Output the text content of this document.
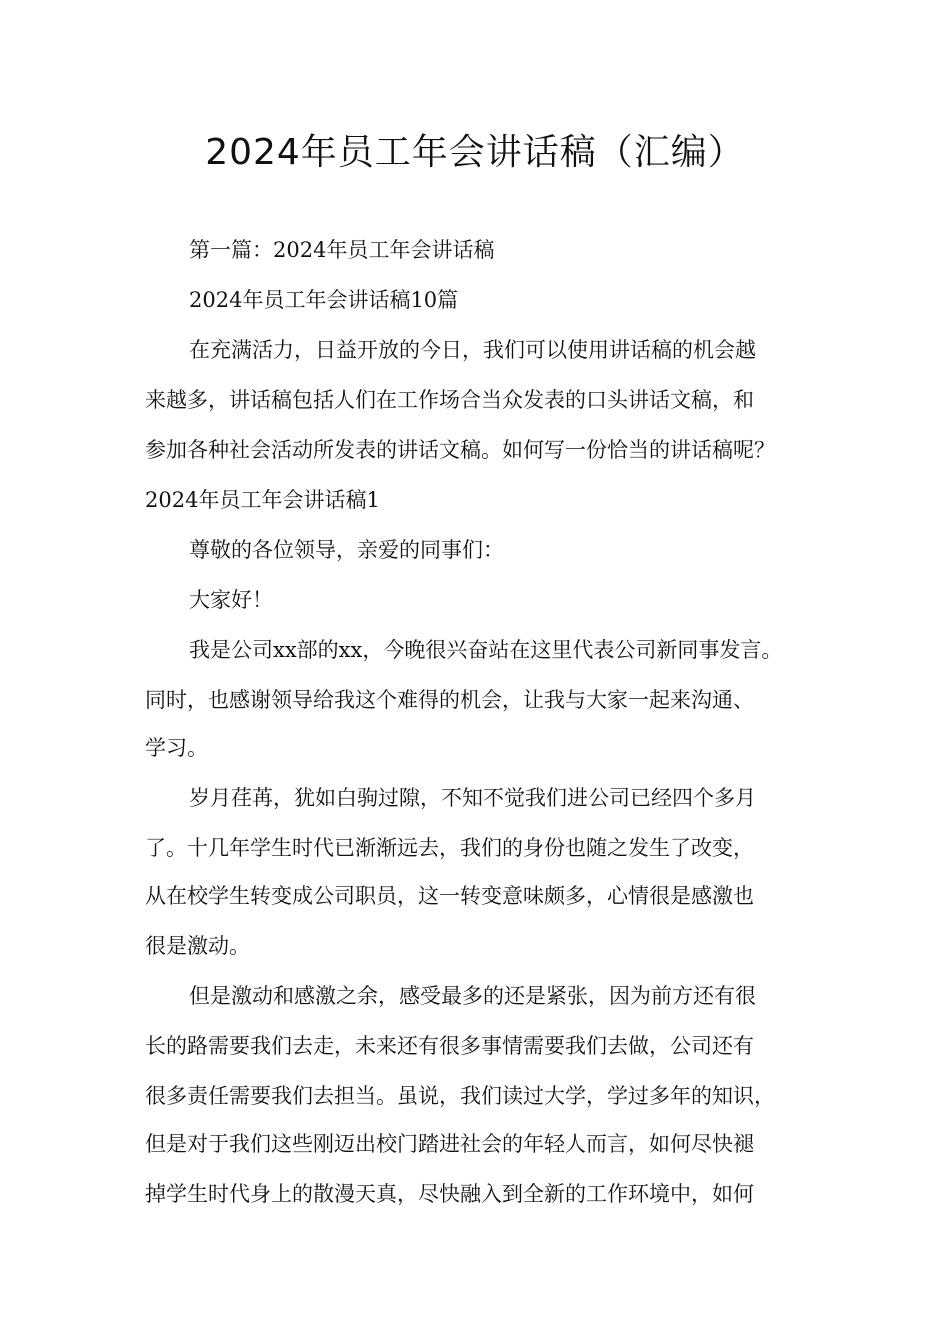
2024年员工年会讲话稿（汇编）

第一篇：2024年员工年会讲话稿

2024年员工年会讲话稿10篇

在充满活力，日益开放的今日，我们可以使用讲话稿的机会越

来越多，讲话稿包括人们在工作场合当众发表的口头讲话文稿，和

参加各种社会活动所发表的讲话文稿。如何写一份恰当的讲话稿呢？

2024年员工年会讲话稿1

尊敬的各位领导，亲爱的同事们：

大家好！

我是公司xx部的xx，今晚很兴奋站在这里代表公司新同事发言。

同时，也感谢领导给我这个难得的机会，让我与大家一起来沟通、

学习。

岁月荏苒，犹如白驹过隙，不知不觉我们进公司已经四个多月

了。十几年学生时代已渐渐远去，我们的身份也随之发生了改变，

从在校学生转变成公司职员，这一转变意味颇多，心情很是感激也

很是激动。

但是激动和感激之余，感受最多的还是紧张，因为前方还有很

长的路需要我们去走，未来还有很多事情需要我们去做，公司还有

很多责任需要我们去担当。虽说，我们读过大学，学过多年的知识，

但是对于我们这些刚迈出校门踏进社会的年轻人而言，如何尽快褪

掉学生时代身上的散漫天真，尽快融入到全新的工作环境中，如何
